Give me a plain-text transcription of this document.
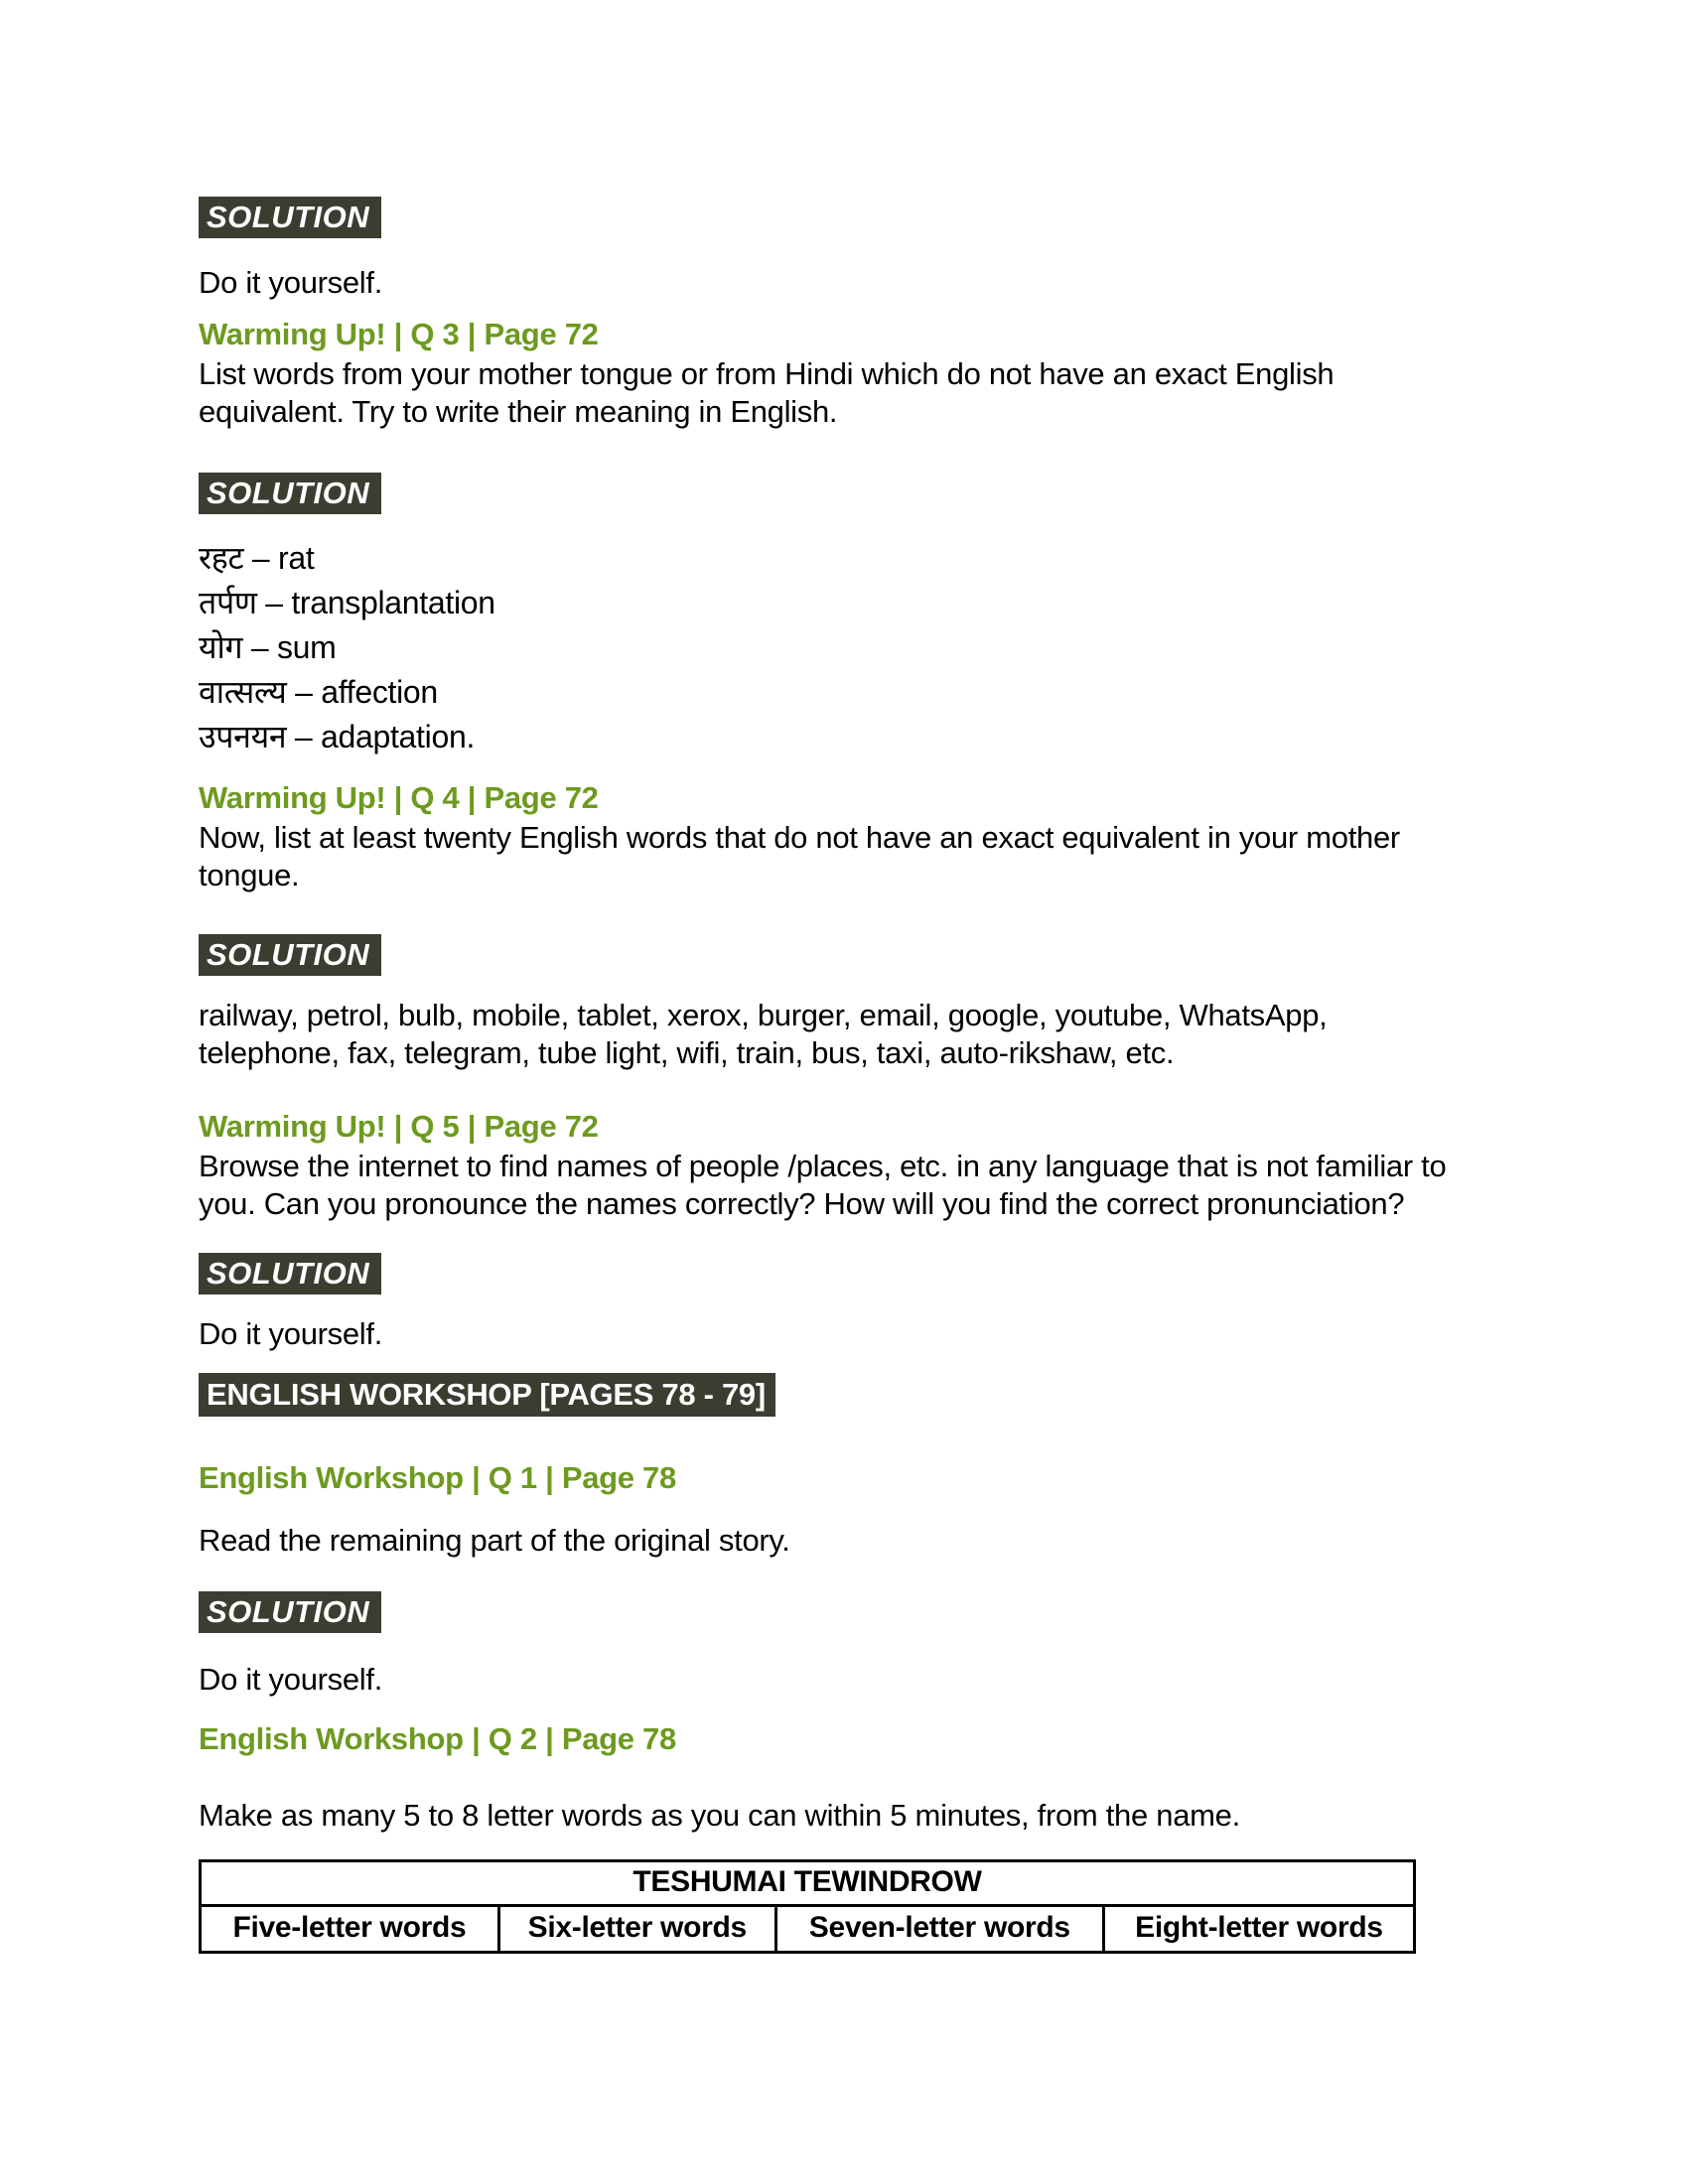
SOLUTION
Do it yourself.
Warming Up! | Q 3 | Page 72
List words from your mother tongue or from Hindi which do not have an exact English equivalent. Try to write their meaning in English.
SOLUTION
रहट – rat
तर्पण – transplantation
योग – sum
वात्सल्य – affection
उपनयन – adaptation.
Warming Up! | Q 4 | Page 72
Now, list at least twenty English words that do not have an exact equivalent in your mother tongue.
SOLUTION
railway, petrol, bulb, mobile, tablet, xerox, burger, email, google, youtube, WhatsApp, telephone, fax, telegram, tube light, wifi, train, bus, taxi, auto-rikshaw, etc.
Warming Up! | Q 5 | Page 72
Browse the internet to find names of people /places, etc. in any language that is not familiar to you. Can you pronounce the names correctly? How will you find the correct pronunciation?
SOLUTION
Do it yourself.
ENGLISH WORKSHOP [PAGES 78 - 79]
English Workshop | Q 1 | Page 78
Read the remaining part of the original story.
SOLUTION
Do it yourself.
English Workshop | Q 2 | Page 78
Make as many 5 to 8 letter words as you can within 5 minutes, from the name.
TESHUMAI TEWINDROW
Five-letter words	Six-letter words	Seven-letter words	Eight-letter words
